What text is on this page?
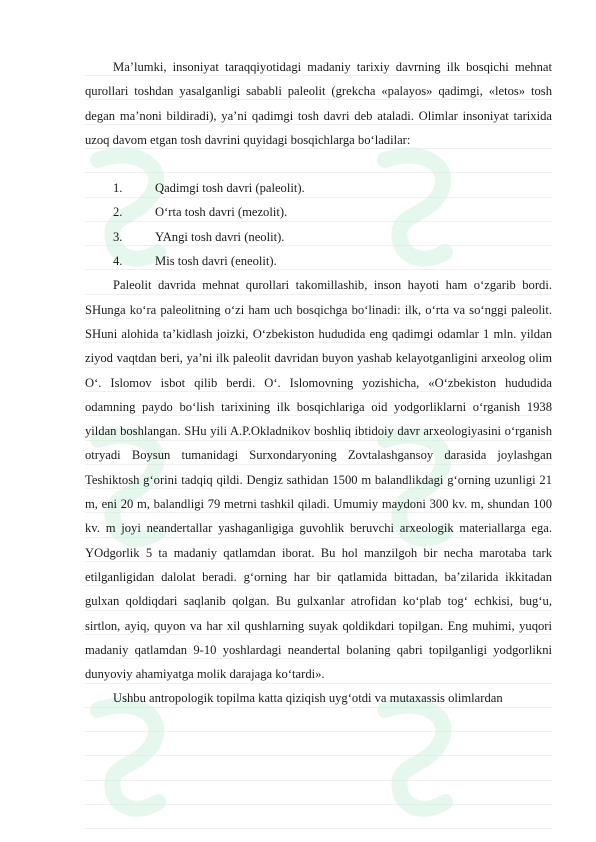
Ma’lumki, insoniyat taraqqiyotidagi madaniy tarixiy davrning ilk bosqichi mehnat qurollari toshdan yasalganligi sababli paleolit (grekcha «palayos» qadimgi, «letos» tosh degan ma’noni bildiradi), ya’ni qadimgi tosh davri deb ataladi. Olimlar insoniyat tarixida uzoq davom etgan tosh davrini quyidagi bosqichlarga bo‘ladilar:

1.	Qadimgi tosh davri (paleolit).
2.	O‘rta tosh davri (mezolit).
3.	YAngi tosh davri (neolit).
4.	Mis tosh davri (eneolit).

Paleolit davrida mehnat qurollari takomillashib, inson hayoti ham o‘zgarib bordi. SHunga ko‘ra paleolitning o‘zi ham uch bosqichga bo‘linadi: ilk, o‘rta va so‘nggi paleolit. SHuni alohida ta’kidlash joizki, O‘zbekiston hududida eng qadimgi odamlar 1 mln. yildan ziyod vaqtdan beri, ya’ni ilk paleolit davridan buyon yashab kelayotganligini arxeolog olim O‘. Islomov isbot qilib berdi. O‘. Islomovning yozishicha, «O‘zbekiston hududida odamning paydo bo‘lish tarixining ilk bosqichlariga oid yodgorliklarni o‘rganish 1938 yildan boshlangan. SHu yili A.P.Okladnikov boshliq ibtidoiy davr arxeologiyasini o‘rganish otryadi Boysun tumanidagi Surxondaryoning Zovtalashgansoy darasida joylashgan Teshiktosh g‘orini tadqiq qildi. Dengiz sathidan 1500 m balandlikdagi g‘orning uzunligi 21 m, eni 20 m, balandligi 79 metrni tashkil qiladi. Umumiy maydoni 300 kv. m, shundan 100 kv. m joyi neandertallar yashaganligiga guvohlik beruvchi arxeologik materiallarga ega. YOdgorlik 5 ta madaniy qatlamdan iborat. Bu hol manzilgoh bir necha marotaba tark etilganligidan dalolat beradi. g‘orning har bir qatlamida bittadan, ba’zilarida ikkitadan gulxan qoldiqdari saqlanib qolgan. Bu gulxanlar atrofidan ko‘plab tog‘ echkisi, bug‘u, sirtlon, ayiq, quyon va har xil qushlarning suyak qoldikdari topilgan. Eng muhimi, yuqori madaniy qatlamdan 9-10 yoshlardagi neandertal bolaning qabri topilganligi yodgorlikni dunyoviy ahamiyatga molik darajaga ko‘tardi».

Ushbu antropologik topilma katta qiziqish uyg‘otdi va mutaxassis olimlardan
